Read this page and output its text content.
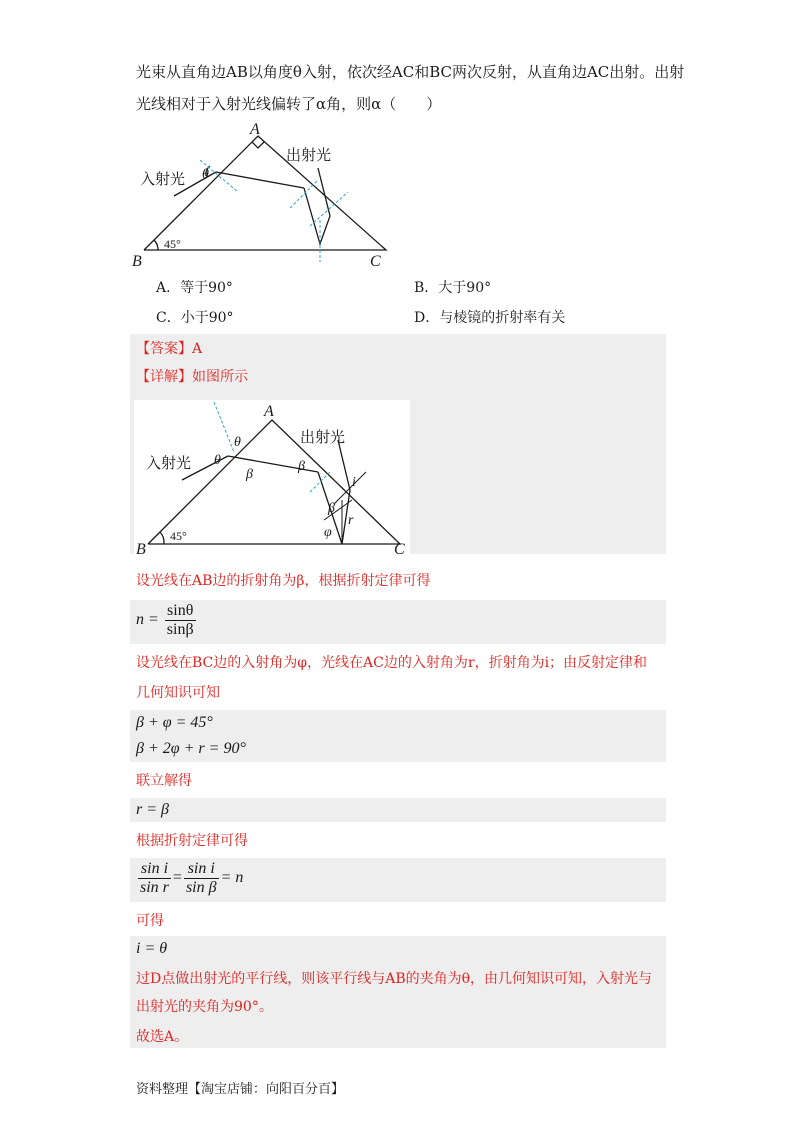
光束从直角边AB以角度θ入射，依次经AC和BC两次反射，从直角边AC出射。出射
光线相对于入射光线偏转了α角，则α（　　）
A
B	C
θ
入射光
出射光
45°
A．等于90°	B．大于90°
C．小于90°	D．与棱镜的折射率有关
【答案】A
【详解】如图所示
A
B	C
θ
θ
β
β
β
i
r
φ
入射光
出射光
45°
设光线在AB边的折射角为β，根据折射定律可得
$n = \frac{\sin\theta}{\sin\beta}$
设光线在BC边的入射角为φ，光线在AC边的入射角为r，折射角为i；由反射定律和
几何知识可知
β + φ = 45°
β + 2φ + r = 90°
联立解得
r = β
根据折射定律可得
$\frac{\text{sin i}}{\text{sin r}} = \frac{\text{sin i}}{\text{sin β}} = n$
可得
i = θ
过D点做出射光的平行线，则该平行线与AB的夹角为θ，由几何知识可知，入射光与
出射光的夹角为90°。
故选A。
资料整理【淘宝店铺：向阳百分百】
